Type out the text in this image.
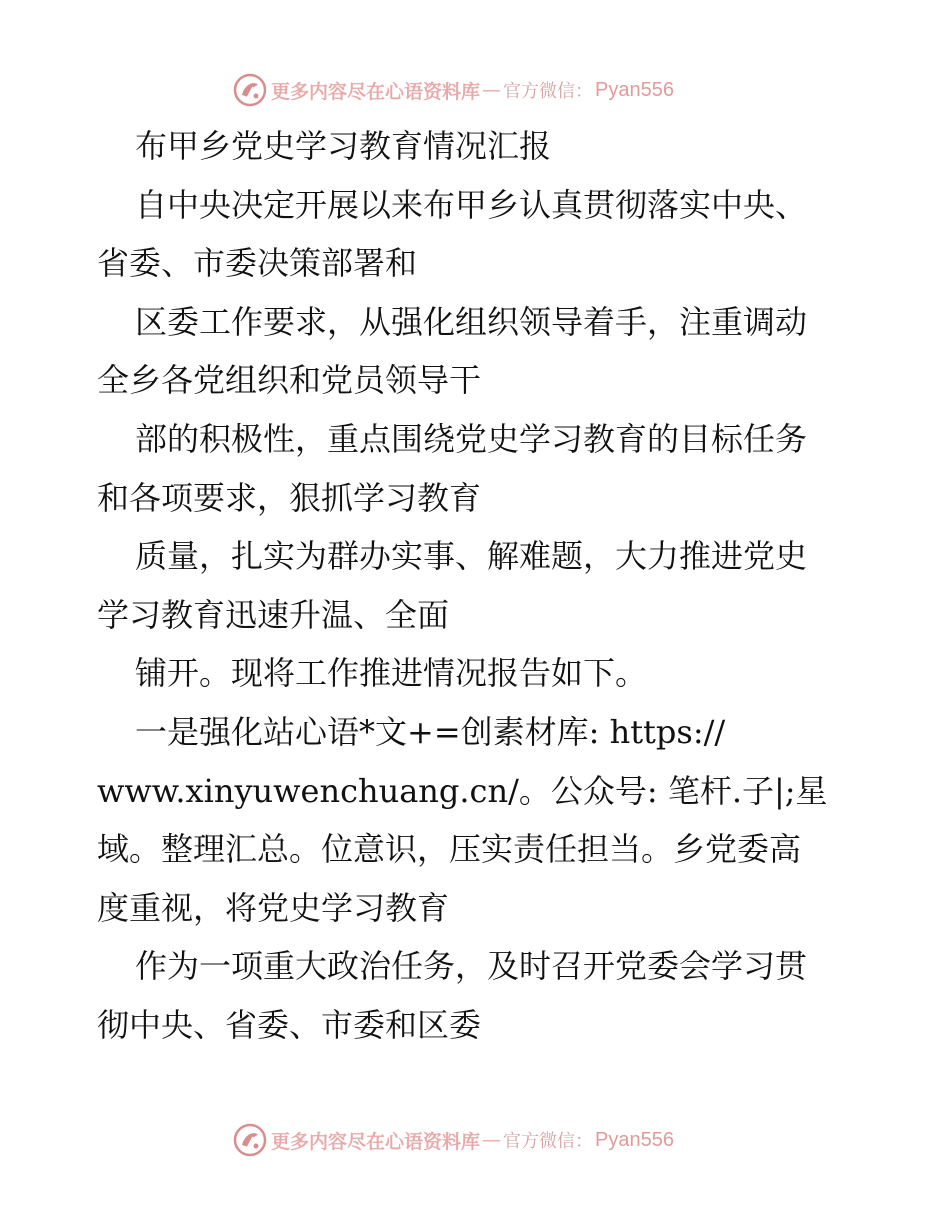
更多内容尽在心语资料库 — 官方微信： Pyan556
布甲乡党史学习教育情况汇报
自中央决定开展以来布甲乡认真贯彻落实中央、
省委、市委决策部署和
区委工作要求，从强化组织领导着手，注重调动
全乡各党组织和党员领导干
部的积极性，重点围绕党史学习教育的目标任务
和各项要求，狠抓学习教育
质量，扎实为群办实事、解难题，大力推进党史
学习教育迅速升温、全面
铺开。现将工作推进情况报告如下。
一是强化站心语*文+=创素材库: https://
www.xinyuwenchuang.cn/。公众号: 笔杆.子|;星
域。整理汇总。位意识，压实责任担当。乡党委高
度重视，将党史学习教育
作为一项重大政治任务，及时召开党委会学习贯
彻中央、省委、市委和区委
更多内容尽在心语资料库 — 官方微信： Pyan556
